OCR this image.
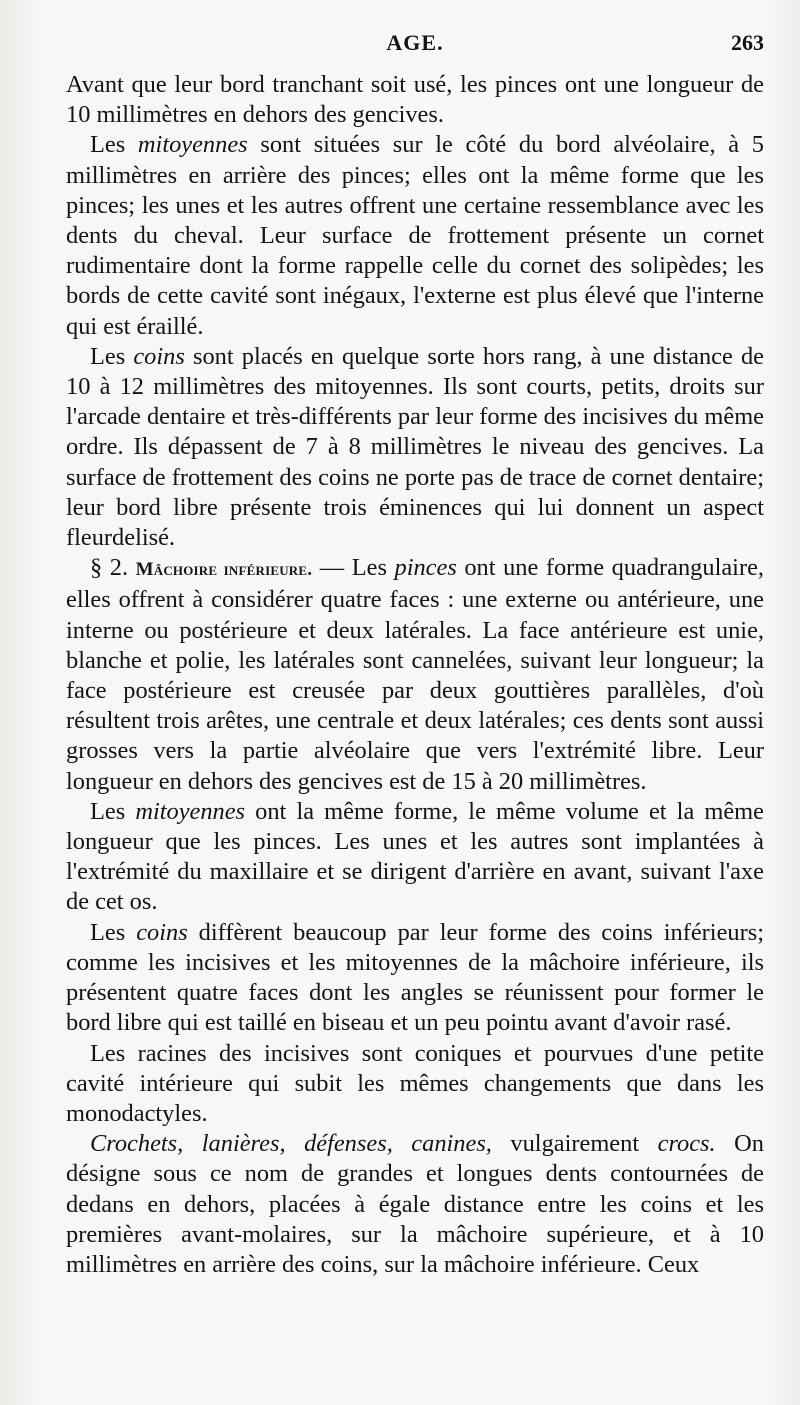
AGE.	263

Avant que leur bord tranchant soit usé, les pinces ont une longueur de 10 millimètres en dehors des gencives.

Les mitoyennes sont situées sur le côté du bord alvéolaire, à 5 millimètres en arrière des pinces; elles ont la même forme que les pinces; les unes et les autres offrent une certaine ressemblance avec les dents du cheval. Leur surface de frottement présente un cornet rudimentaire dont la forme rappelle celle du cornet des solipèdes; les bords de cette cavité sont inégaux, l'externe est plus élevé que l'interne qui est éraillé.

Les coins sont placés en quelque sorte hors rang, à une distance de 10 à 12 millimètres des mitoyennes. Ils sont courts, petits, droits sur l'arcade dentaire et très-différents par leur forme des incisives du même ordre. Ils dépassent de 7 à 8 millimètres le niveau des gencives. La surface de frottement des coins ne porte pas de trace de cornet dentaire; leur bord libre présente trois éminences qui lui donnent un aspect fleurdelisé.

§ 2. Mâchoire inférieure. — Les pinces ont une forme quadrangulaire, elles offrent à considérer quatre faces : une externe ou antérieure, une interne ou postérieure et deux latérales. La face antérieure est unie, blanche et polie, les latérales sont cannelées, suivant leur longueur; la face postérieure est creusée par deux gouttières parallèles, d'où résultent trois arêtes, une centrale et deux latérales; ces dents sont aussi grosses vers la partie alvéolaire que vers l'extrémité libre. Leur longueur en dehors des gencives est de 15 à 20 millimètres.

Les mitoyennes ont la même forme, le même volume et la même longueur que les pinces. Les unes et les autres sont implantées à l'extrémité du maxillaire et se dirigent d'arrière en avant, suivant l'axe de cet os.

Les coins diffèrent beaucoup par leur forme des coins inférieurs; comme les incisives et les mitoyennes de la mâchoire inférieure, ils présentent quatre faces dont les angles se réunissent pour former le bord libre qui est taillé en biseau et un peu pointu avant d'avoir rasé.

Les racines des incisives sont coniques et pourvues d'une petite cavité intérieure qui subit les mêmes changements que dans les monodactyles.

Crochets, lanières, défenses, canines, vulgairement crocs. On désigne sous ce nom de grandes et longues dents contournées de dedans en dehors, placées à égale distance entre les coins et les premières avant-molaires, sur la mâchoire supérieure, et à 10 millimètres en arrière des coins, sur la mâchoire inférieure. Ceux
